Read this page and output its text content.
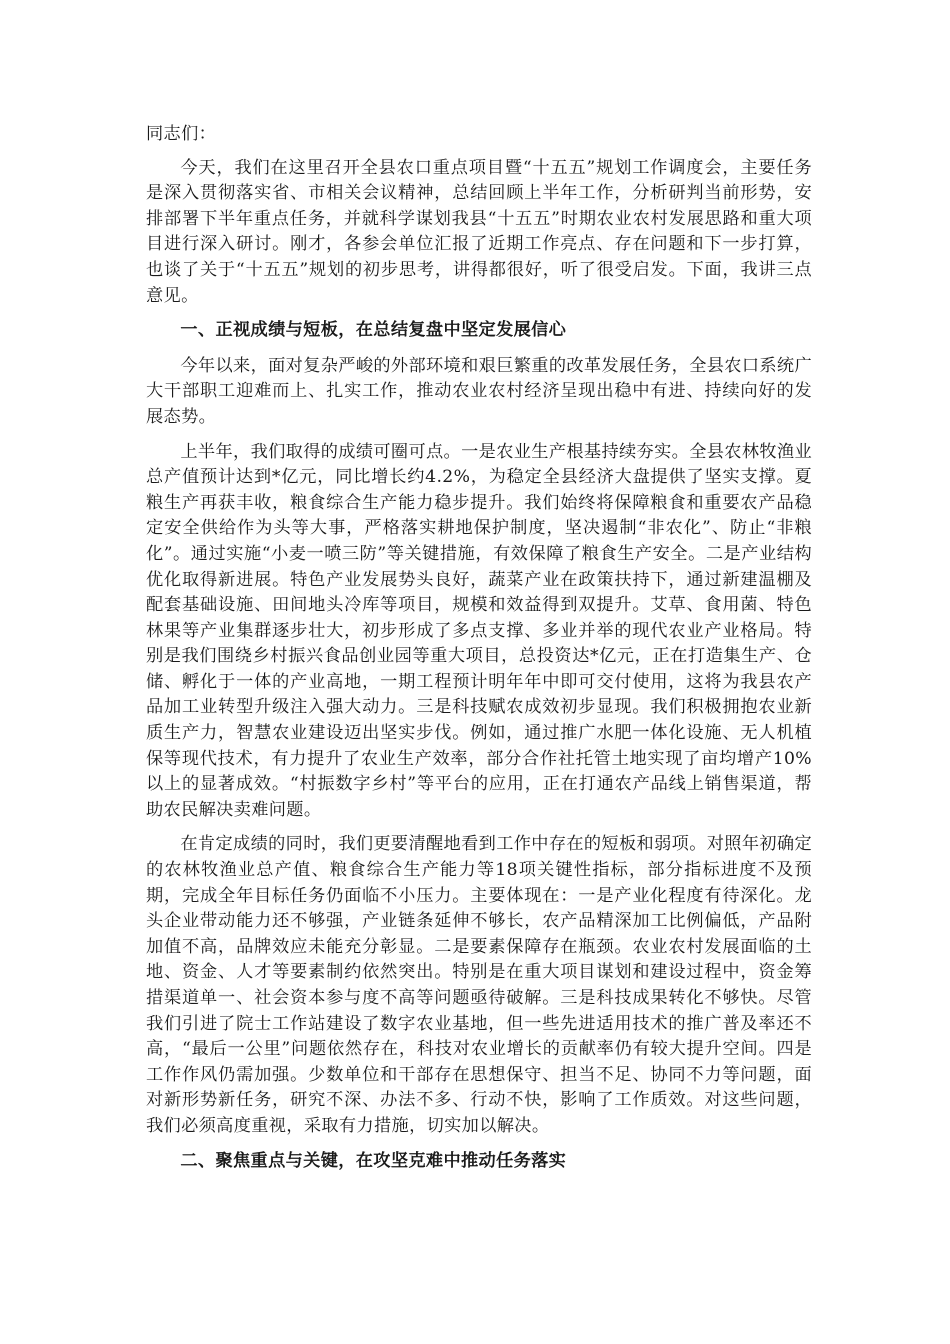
同志们：

今天，我们在这里召开全县农口重点项目暨“十五五”规划工作调度会，主要任务是深入贯彻落实省、市相关会议精神，总结回顾上半年工作，分析研判当前形势，安排部署下半年重点任务，并就科学谋划我县“十五五”时期农业农村发展思路和重大项目进行深入研讨。刚才，各参会单位汇报了近期工作亮点、存在问题和下一步打算，也谈了关于“十五五”规划的初步思考，讲得都很好，听了很受启发。下面，我讲三点意见。

一、正视成绩与短板，在总结复盘中坚定发展信心

今年以来，面对复杂严峻的外部环境和艰巨繁重的改革发展任务，全县农口系统广大干部职工迎难而上、扎实工作，推动农业农村经济呈现出稳中有进、持续向好的发展态势。

上半年，我们取得的成绩可圈可点。一是农业生产根基持续夯实。全县农林牧渔业总产值预计达到*亿元，同比增长约4.2%，为稳定全县经济大盘提供了坚实支撑。夏粮生产再获丰收，粮食综合生产能力稳步提升。我们始终将保障粮食和重要农产品稳定安全供给作为头等大事，严格落实耕地保护制度，坚决遏制“非农化”、防止“非粮化”。通过实施“小麦一喷三防”等关键措施，有效保障了粮食生产安全。二是产业结构优化取得新进展。特色产业发展势头良好，蔬菜产业在政策扶持下，通过新建温棚及配套基础设施、田间地头冷库等项目，规模和效益得到双提升。艾草、食用菌、特色林果等产业集群逐步壮大，初步形成了多点支撑、多业并举的现代农业产业格局。特别是我们围绕乡村振兴食品创业园等重大项目，总投资达*亿元，正在打造集生产、仓储、孵化于一体的产业高地，一期工程预计明年年中即可交付使用，这将为我县农产品加工业转型升级注入强大动力。三是科技赋农成效初步显现。我们积极拥抱农业新质生产力，智慧农业建设迈出坚实步伐。例如，通过推广水肥一体化设施、无人机植保等现代技术，有力提升了农业生产效率，部分合作社托管土地实现了亩均增产10%以上的显著成效。“村振数字乡村”等平台的应用，正在打通农产品线上销售渠道，帮助农民解决卖难问题。

在肯定成绩的同时，我们更要清醒地看到工作中存在的短板和弱项。对照年初确定的农林牧渔业总产值、粮食综合生产能力等18项关键性指标，部分指标进度不及预期，完成全年目标任务仍面临不小压力。主要体现在：一是产业化程度有待深化。龙头企业带动能力还不够强，产业链条延伸不够长，农产品精深加工比例偏低，产品附加值不高，品牌效应未能充分彰显。二是要素保障存在瓶颈。农业农村发展面临的土地、资金、人才等要素制约依然突出。特别是在重大项目谋划和建设过程中，资金筹措渠道单一、社会资本参与度不高等问题亟待破解。三是科技成果转化不够快。尽管我们引进了院士工作站建设了数字农业基地，但一些先进适用技术的推广普及率还不高，“最后一公里”问题依然存在，科技对农业增长的贡献率仍有较大提升空间。四是工作作风仍需加强。少数单位和干部存在思想保守、担当不足、协同不力等问题，面对新形势新任务，研究不深、办法不多、行动不快，影响了工作质效。对这些问题，我们必须高度重视，采取有力措施，切实加以解决。

二、聚焦重点与关键，在攻坚克难中推动任务落实
